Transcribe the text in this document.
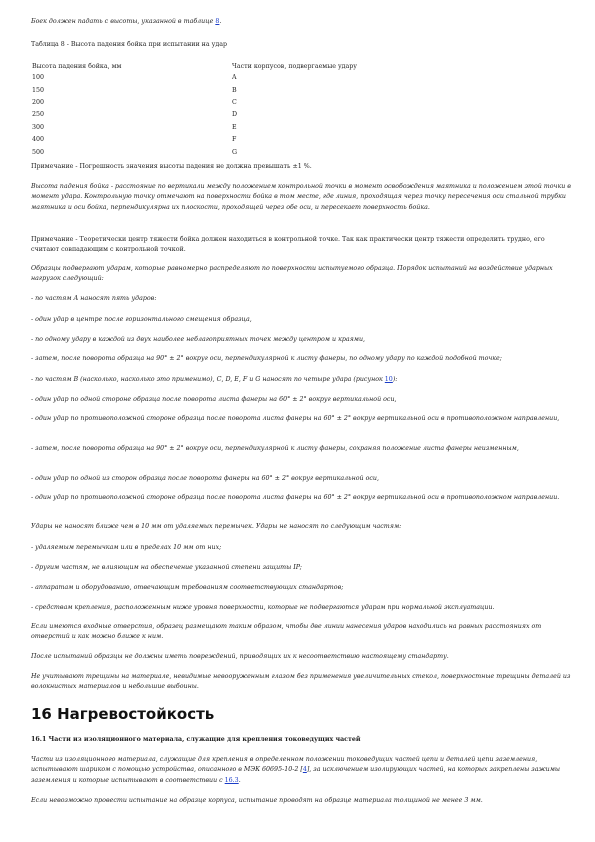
Боек должен падать с высоты, указанной в таблице 8.

Таблица 8 - Высота падения бойка при испытании на удар

Высота падения бойка, мм	Части корпусов, подвергаемые удару
100	A
150	B
200	C
250	D
300	E
400	F
500	G

Примечание - Погрешность значения высоты падения не должна превышать ±1 %.

Высота падения бойка - расстояние по вертикали между положением контрольной точки в момент освобождения маятника и положением этой точки в момент удара. Контрольную точку отмечают на поверхности бойка в том месте, где линия, проходящая через точку пересечения оси стальной трубки маятника и оси бойка, перпендикулярна их плоскости, проходящей через обе оси, и пересекает поверхность бойка.

Примечание - Теоретически центр тяжести бойка должен находиться в контрольной точке. Так как практически центр тяжести определить трудно, его считают совпадающим с контрольной точкой.

Образцы подвергают ударам, которые равномерно распределяют по поверхности испытуемого образца. Порядок испытаний на воздействие ударных нагрузок следующий:

- по частям А наносят пять ударов:

- один удар в центре после горизонтального смещения образца,

- по одному удару в каждой из двух наиболее неблагоприятных точек между центром и краями,

- затем, после поворота образца на 90° ± 2° вокруг оси, перпендикулярной к листу фанеры, по одному удару по каждой подобной точке;

- по частям В (насколько, насколько это применимо), С, D, Е, F и G наносят по четыре удара (рисунок 10):

- один удар по одной стороне образца после поворота листа фанеры на 60° ± 2° вокруг вертикальной оси,

- один удар по противоположной стороне образца после поворота листа фанеры на 60° ± 2° вокруг вертикальной оси в противоположном направлении,

- затем, после поворота образца на 90° ± 2° вокруг оси, перпендикулярной к листу фанеры, сохраняя положение листа фанеры неизменным,

- один удар по одной из сторон образца после поворота фанеры на 60° ± 2° вокруг вертикальной оси,

- один удар по противоположной стороне образца после поворота листа фанеры на 60° ± 2° вокруг вертикальной оси в противоположном направлении.

Удары не наносят ближе чем в 10 мм от удаляемых перемычек. Удары не наносят по следующим частям:

- удаляемым перемычкам или в пределах 10 мм от них;

- другим частям, не влияющим на обеспечение указанной степени защиты IP;

- аппаратам и оборудованию, отвечающим требованиям соответствующих стандартов;

- средствам крепления, расположенным ниже уровня поверхности, которые не подвергаются ударам при нормальной эксплуатации.

Если имеются входные отверстия, образец размещают таким образом, чтобы две линии нанесения ударов находились на равных расстояниях от отверстий и как можно ближе к ним.

После испытаний образцы не должны иметь повреждений, приводящих их к несоответствию настоящему стандарту.

Не учитывают трещины на материале, невидимые невооруженным глазом без применения увеличительных стекол, поверхностные трещины деталей из волокнистых материалов и небольшие выбоины.

16 Нагревостойкость

16.1 Части из изоляционного материала, служащие для крепления токоведущих частей

Части из изоляционного материала, служащие для крепления в определенном положении токоведущих частей цепи и деталей цепи заземления, испытывают шариком с помощью устройства, описанного в МЭК 60695-10-2 [4], за исключением изолирующих частей, на которых закреплены зажимы заземления и которые испытывают в соответствии с 16.3.

Если невозможно провести испытание на образце корпуса, испытание проводят на образце материала толщиной не менее 3 мм.
